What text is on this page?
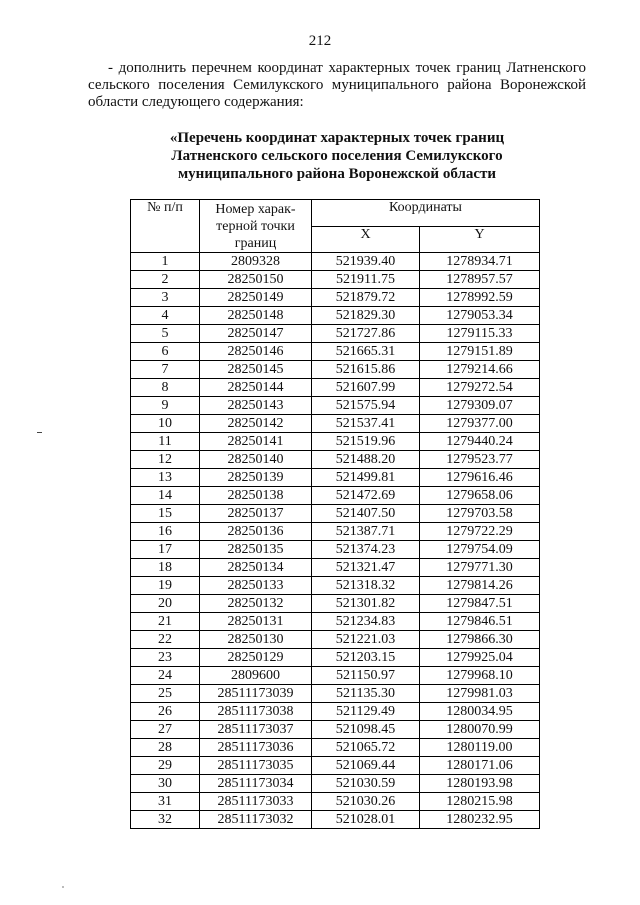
212

- дополнить перечнем координат характерных точек границ Латненского сельского поселения Семилукского муниципального района Воронежской области следующего содержания:

«Перечень координат характерных точек границ
Латненского сельского поселения Семилукского
муниципального района Воронежской области
№ п/п	Номер характерной точки границ	Координаты	
		X	Y
1	2809328	521939.40	1278934.71
2	28250150	521911.75	1278957.57
3	28250149	521879.72	1278992.59
4	28250148	521829.30	1279053.34
5	28250147	521727.86	1279115.33
6	28250146	521665.31	1279151.89
7	28250145	521615.86	1279214.66
8	28250144	521607.99	1279272.54
9	28250143	521575.94	1279309.07
10	28250142	521537.41	1279377.00
11	28250141	521519.96	1279440.24
12	28250140	521488.20	1279523.77
13	28250139	521499.81	1279616.46
14	28250138	521472.69	1279658.06
15	28250137	521407.50	1279703.58
16	28250136	521387.71	1279722.29
17	28250135	521374.23	1279754.09
18	28250134	521321.47	1279771.30
19	28250133	521318.32	1279814.26
20	28250132	521301.82	1279847.51
21	28250131	521234.83	1279846.51
22	28250130	521221.03	1279866.30
23	28250129	521203.15	1279925.04
24	2809600	521150.97	1279968.10
25	28511173039	521135.30	1279981.03
26	28511173038	521129.49	1280034.95
27	28511173037	521098.45	1280070.99
28	28511173036	521065.72	1280119.00
29	28511173035	521069.44	1280171.06
30	28511173034	521030.59	1280193.98
31	28511173033	521030.26	1280215.98
32	28511173032	521028.01	1280232.95
